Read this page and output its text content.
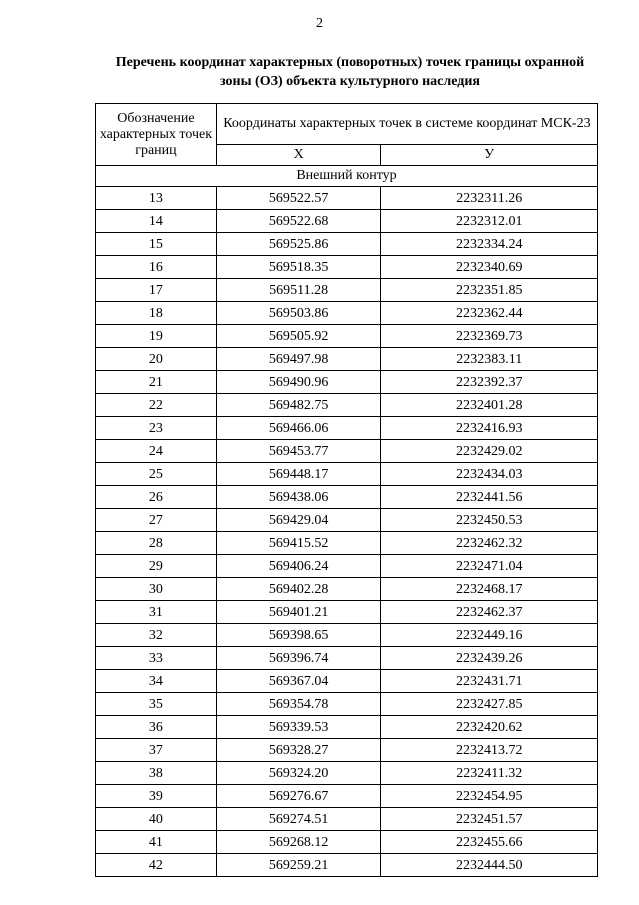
2
Перечень координат характерных (поворотных) точек границы охранной
зоны (ОЗ) объекта культурного наследия
Обозначение характерных точек границ	Координаты характерных точек в системе координат МСК-23	
	Х	У
Внешний контур		
13	569522.57	2232311.26
14	569522.68	2232312.01
15	569525.86	2232334.24
16	569518.35	2232340.69
17	569511.28	2232351.85
18	569503.86	2232362.44
19	569505.92	2232369.73
20	569497.98	2232383.11
21	569490.96	2232392.37
22	569482.75	2232401.28
23	569466.06	2232416.93
24	569453.77	2232429.02
25	569448.17	2232434.03
26	569438.06	2232441.56
27	569429.04	2232450.53
28	569415.52	2232462.32
29	569406.24	2232471.04
30	569402.28	2232468.17
31	569401.21	2232462.37
32	569398.65	2232449.16
33	569396.74	2232439.26
34	569367.04	2232431.71
35	569354.78	2232427.85
36	569339.53	2232420.62
37	569328.27	2232413.72
38	569324.20	2232411.32
39	569276.67	2232454.95
40	569274.51	2232451.57
41	569268.12	2232455.66
42	569259.21	2232444.50
